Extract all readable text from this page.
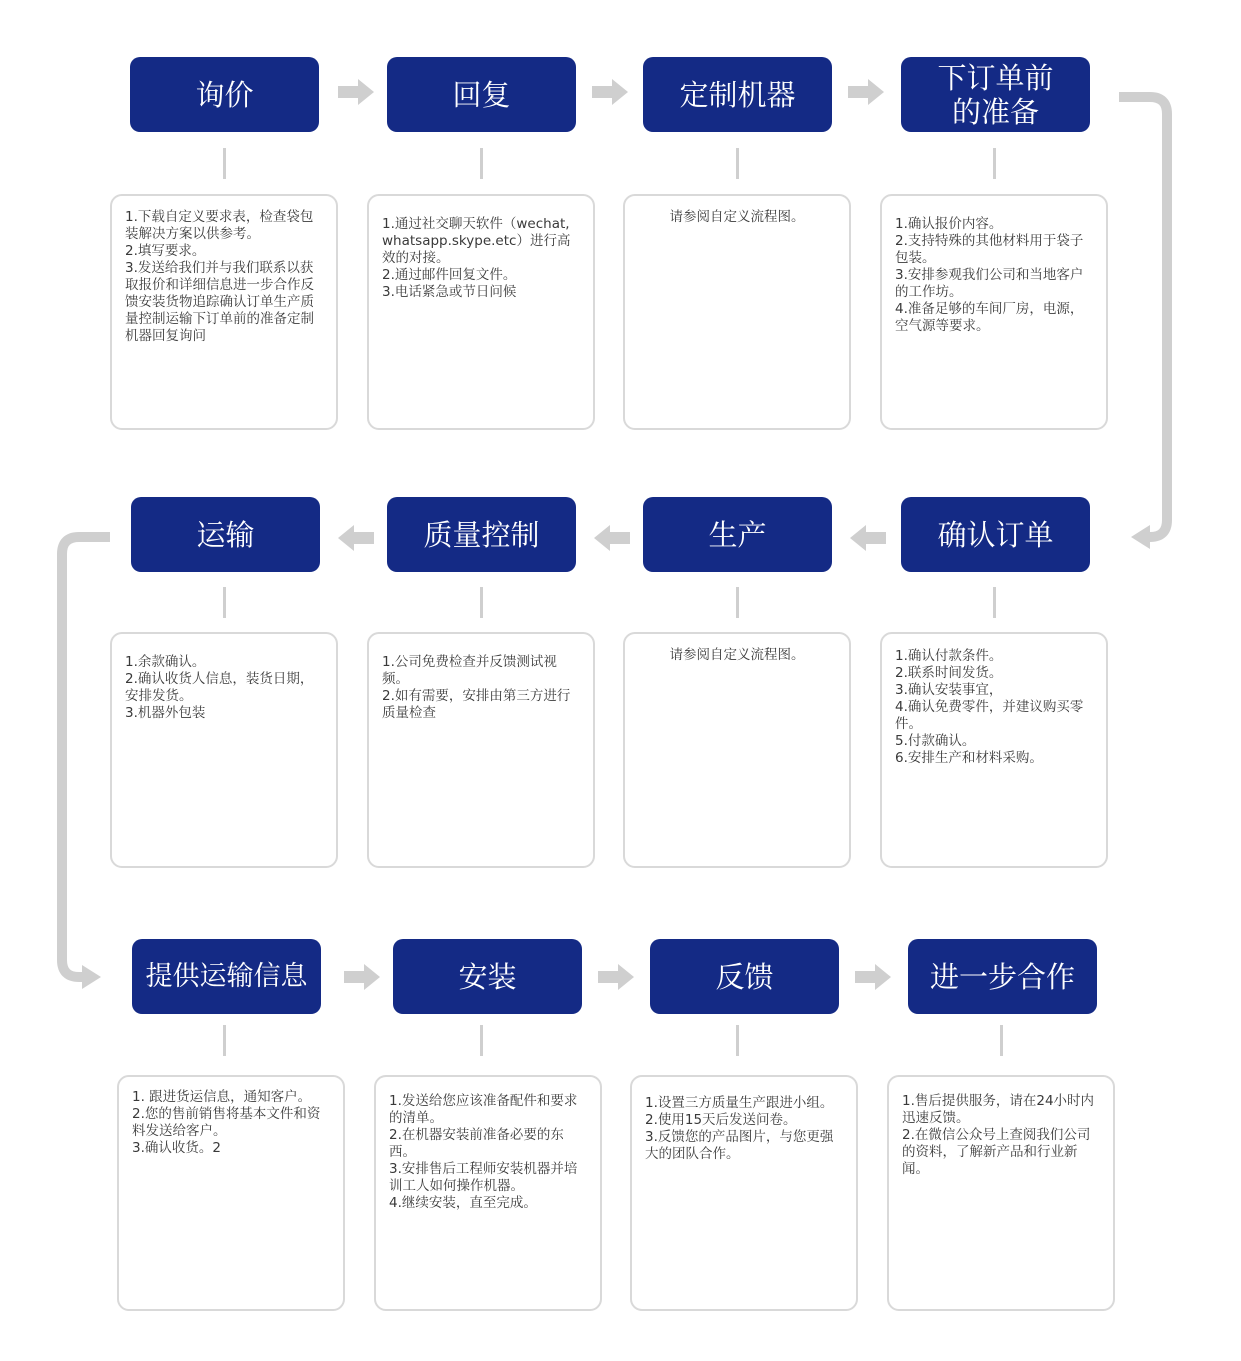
询价	回复	定制机器	下订单前的准备
1.下载自定义要求表，检查袋包装解决方案以供参考。
2.填写要求。
3.发送给我们并与我们联系以获取报价和详细信息进一步合作反馈安装货物追踪确认订单生产质量控制运输下订单前的准备定制机器回复询问
1.通过社交聊天软件（wechat, whatsapp.skype.etc）进行高效的对接。
2.通过邮件回复文件。
3.电话紧急或节日问候
请参阅自定义流程图。	1.确认报价内容。
2.支持特殊的其他材料用于袋子包装。
3.安排参观我们公司和当地客户的工作坊。
4.准备足够的车间厂房，电源，空气源等要求。
确认订单
生产
质量控制
运输
1.确认付款条件。
2.联系时间发货。
3.确认安装事宜，
4.确认免费零件，并建议购买零件。
5.付款确认。
6.安排生产和材料采购。
请参阅自定义流程图。
1.公司免费检查并反馈测试视频。
2.如有需要，安排由第三方进行质量检查
1.余款确认。
2.确认收货人信息，装货日期，安排发货。
3.机器外包装
提供运输信息	安装	反馈	进一步合作
1. 跟进货运信息，通知客户。
2.您的售前销售将基本文件和资料发送给客户。
3.确认收货。2
1.发送给您应该准备配件和要求的清单。
2.在机器安装前准备必要的东西。
3.安排售后工程师安装机器并培训工人如何操作机器。
4.继续安装，直至完成。
1.设置三方质量生产跟进小组。
2.使用15天后发送问卷。
3.反馈您的产品图片，与您更强大的团队合作。
1.售后提供服务，请在24小时内迅速反馈。
2.在微信公众号上查阅我们公司的资料，了解新产品和行业新闻。
